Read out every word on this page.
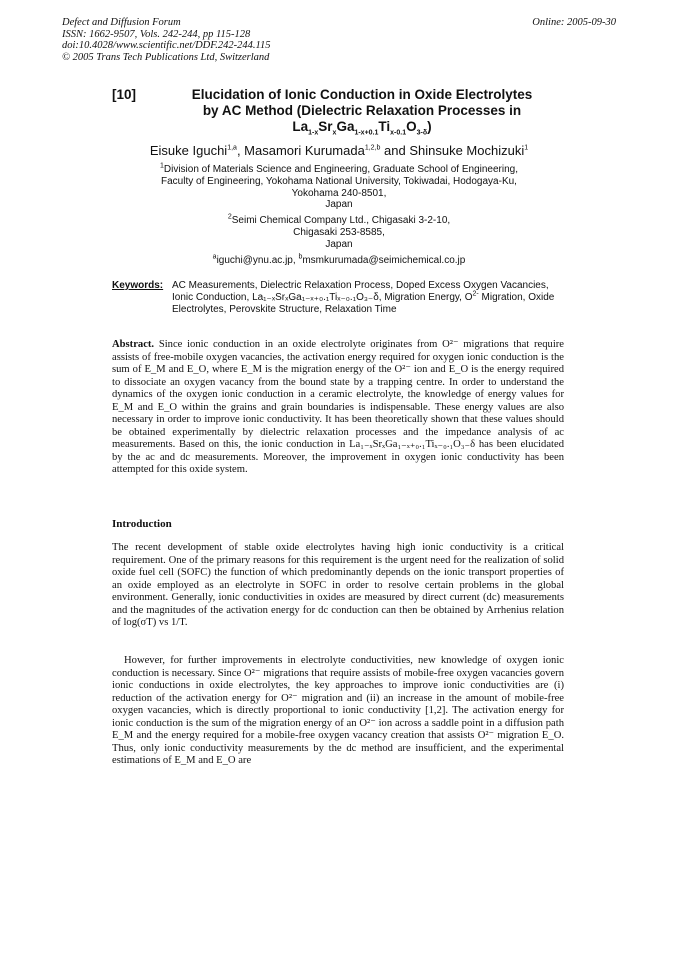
Defect and Diffusion Forum
ISSN: 1662-9507, Vols. 242-244, pp 115-128
doi:10.4028/www.scientific.net/DDF.242-244.115
© 2005 Trans Tech Publications Ltd, Switzerland
Online: 2005-09-30
[10]	Elucidation of Ionic Conduction in Oxide Electrolytes
by AC Method (Dielectric Relaxation Processes in
$La_{1-x}Sr_xGa_{1-x+0.1}Ti_{x-0.1}O_{3-\delta}$)
Eisuke Iguchi$^{1,a}$, Masamori Kurumada$^{1,2,b}$ and Shinsuke Mochizuki$^1$
$^1$Division of Materials Science and Engineering, Graduate School of Engineering,
Faculty of Engineering, Yokohama National University, Tokiwadai, Hodogaya-Ku,
Yokohama 240-8501,
Japan
$^2$Seimi Chemical Company Ltd., Chigasaki 3-2-10,
Chigasaki 253-8585,
Japan
$^a$iguchi@ynu.ac.jp, $^b$msmkurumada@seimichemical.co.jp
Keywords: AC Measurements, Dielectric Relaxation Process, Doped Excess Oxygen Vacancies, Ionic Conduction, La₁₋ₓSrₓGa₁₋ₓ₊₀.₁Tiₓ₋₀.₁O₃₋δ, Migration Energy, $O^{2-}$ Migration, Oxide Electrolytes, Perovskite Structure, Relaxation Time
Abstract. Since ionic conduction in an oxide electrolyte originates from O²⁻ migrations that require assists of free-mobile oxygen vacancies, the activation energy required for oxygen ionic conduction is the sum of E_M and E_O, where E_M is the migration energy of the O²⁻ ion and E_O is the energy required to dissociate an oxygen vacancy from the bound state by a trapping centre. In order to understand the dynamics of the oxygen ionic conduction in a ceramic electrolyte, the knowledge of energy values for E_M and E_O within the grains and grain boundaries is indispensable. These energy values are also necessary in order to improve ionic conductivity. It has been theoretically shown that these values should be obtained experimentally by dielectric relaxation processes and the impedance analysis of ac measurements. Based on this, the ionic conduction in La₁₋ₓSrₓGa₁₋ₓ₊₀.₁Tiₓ₋₀.₁O₃₋δ has been elucidated by the ac and dc measurements. Moreover, the improvement in oxygen ionic conductivity has been attempted for this oxide system.
Introduction
The recent development of stable oxide electrolytes having high ionic conductivity is a critical requirement. One of the primary reasons for this requirement is the urgent need for the realization of solid oxide fuel cell (SOFC) the function of which predominantly depends on the ionic transport properties of an oxide employed as an electrolyte in SOFC in order to resolve certain problems in the global environment. Generally, ionic conductivities in oxides are measured by direct current (dc) measurements and the magnitudes of the activation energy for dc conduction can then be obtained by Arrhenius relation of log(σT) vs 1/T.
However, for further improvements in electrolyte conductivities, new knowledge of oxygen ionic conduction is necessary. Since O²⁻ migrations that require assists of mobile-free oxygen vacancies govern ionic conductions in oxide electrolytes, the key approaches to improve ionic conductivities are (i) reduction of the activation energy for O²⁻ migration and (ii) an increase in the amount of mobile-free oxygen vacancies, which is directly proportional to ionic conductivity [1,2]. The activation energy for ionic conduction is the sum of the migration energy of an O²⁻ ion across a saddle point in a diffusion path E_M and the energy required for a mobile-free oxygen vacancy creation that assists O²⁻ migration E_O. Thus, only ionic conductivity measurements by the dc method are insufficient, and the experimental estimations of E_M and E_O are
